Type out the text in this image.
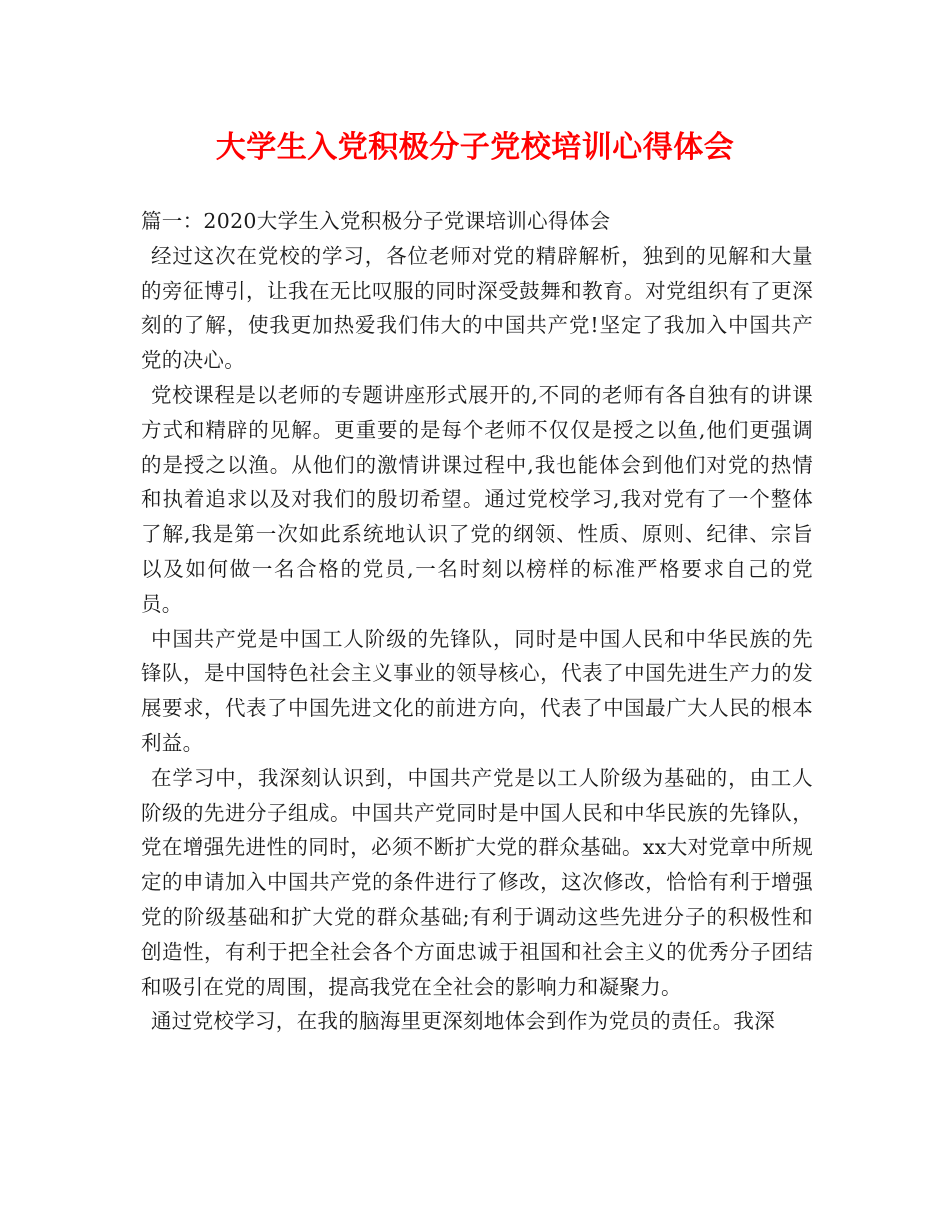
大学生入党积极分子党校培训心得体会

篇一：2020大学生入党积极分子党课培训心得体会

经过这次在党校的学习，各位老师对党的精辟解析，独到的见解和大量的旁征博引，让我在无比叹服的同时深受鼓舞和教育。对党组织有了更深刻的了解，使我更加热爱我们伟大的中国共产党!坚定了我加入中国共产党的决心。

党校课程是以老师的专题讲座形式展开的,不同的老师有各自独有的讲课方式和精辟的见解。更重要的是每个老师不仅仅是授之以鱼,他们更强调的是授之以渔。从他们的激情讲课过程中,我也能体会到他们对党的热情和执着追求以及对我们的殷切希望。通过党校学习,我对党有了一个整体了解,我是第一次如此系统地认识了党的纲领、性质、原则、纪律、宗旨以及如何做一名合格的党员,一名时刻以榜样的标准严格要求自己的党员。

中国共产党是中国工人阶级的先锋队，同时是中国人民和中华民族的先锋队，是中国特色社会主义事业的领导核心，代表了中国先进生产力的发展要求，代表了中国先进文化的前进方向，代表了中国最广大人民的根本利益。

在学习中，我深刻认识到，中国共产党是以工人阶级为基础的，由工人阶级的先进分子组成。中国共产党同时是中国人民和中华民族的先锋队，党在增强先进性的同时，必须不断扩大党的群众基础。xx大对党章中所规定的申请加入中国共产党的条件进行了修改，这次修改，恰恰有利于增强党的阶级基础和扩大党的群众基础;有利于调动这些先进分子的积极性和创造性，有利于把全社会各个方面忠诚于祖国和社会主义的优秀分子团结和吸引在党的周围，提高我党在全社会的影响力和凝聚力。

通过党校学习，在我的脑海里更深刻地体会到作为党员的责任。我深
